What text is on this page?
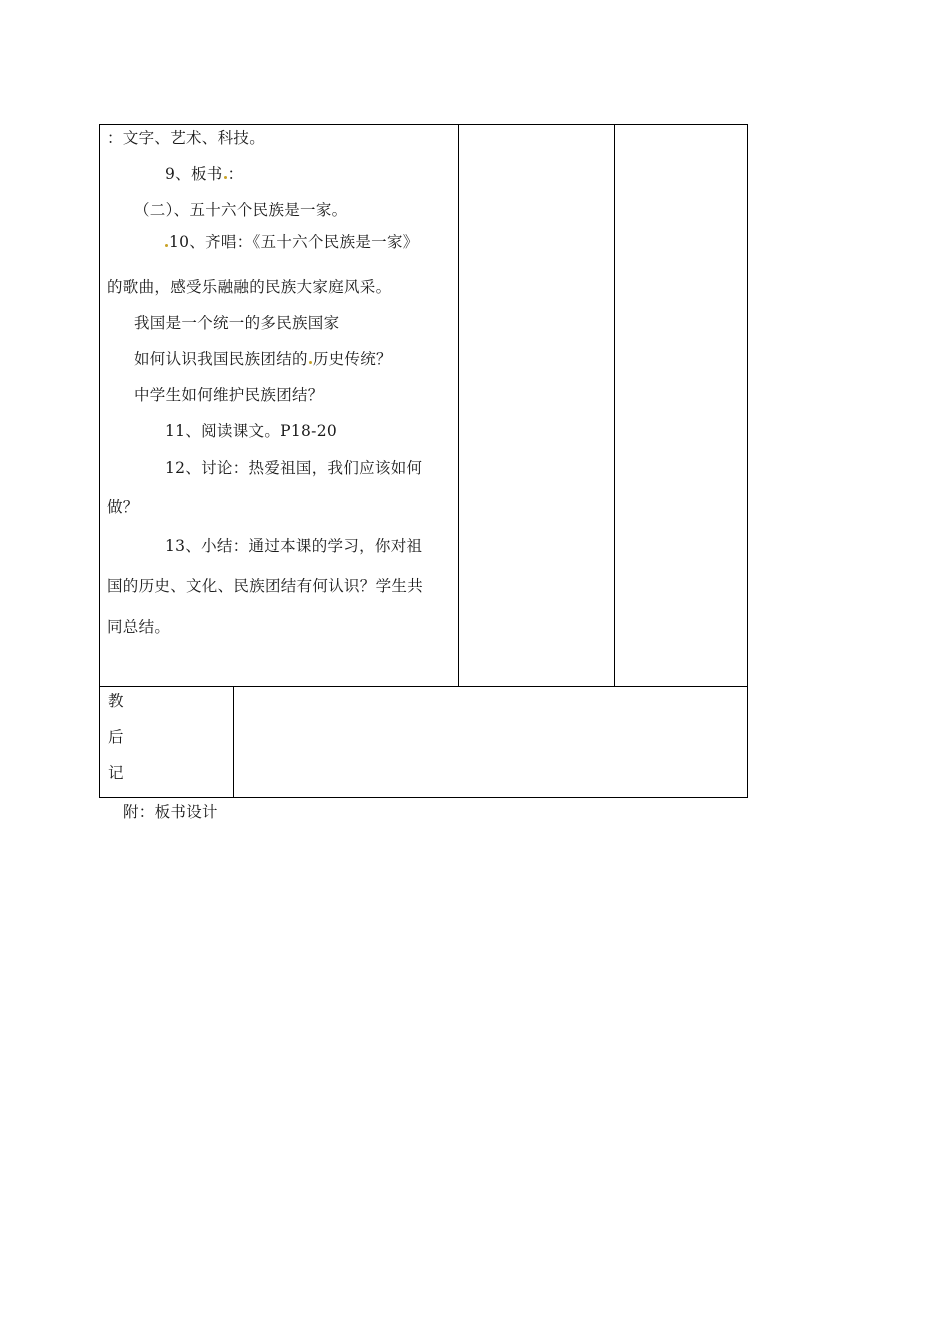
：文字、艺术、科技。
9、板书 ：
（二）、五十六个民族是一家。
10、齐唱：《五十六个民族是一家》
的歌曲，感受乐融融的民族大家庭风采。
我国是一个统一的多民族国家
如何认识我国民族团结的 历史传统？
中学生如何维护民族团结？
11、阅读课文。P18-20
12、讨论：热爱祖国，我们应该如何
做？
13、小结：通过本课的学习，你对祖
国的历史、文化、民族团结有何认识？学生共
同总结。
教
后
记
附：板书设计
